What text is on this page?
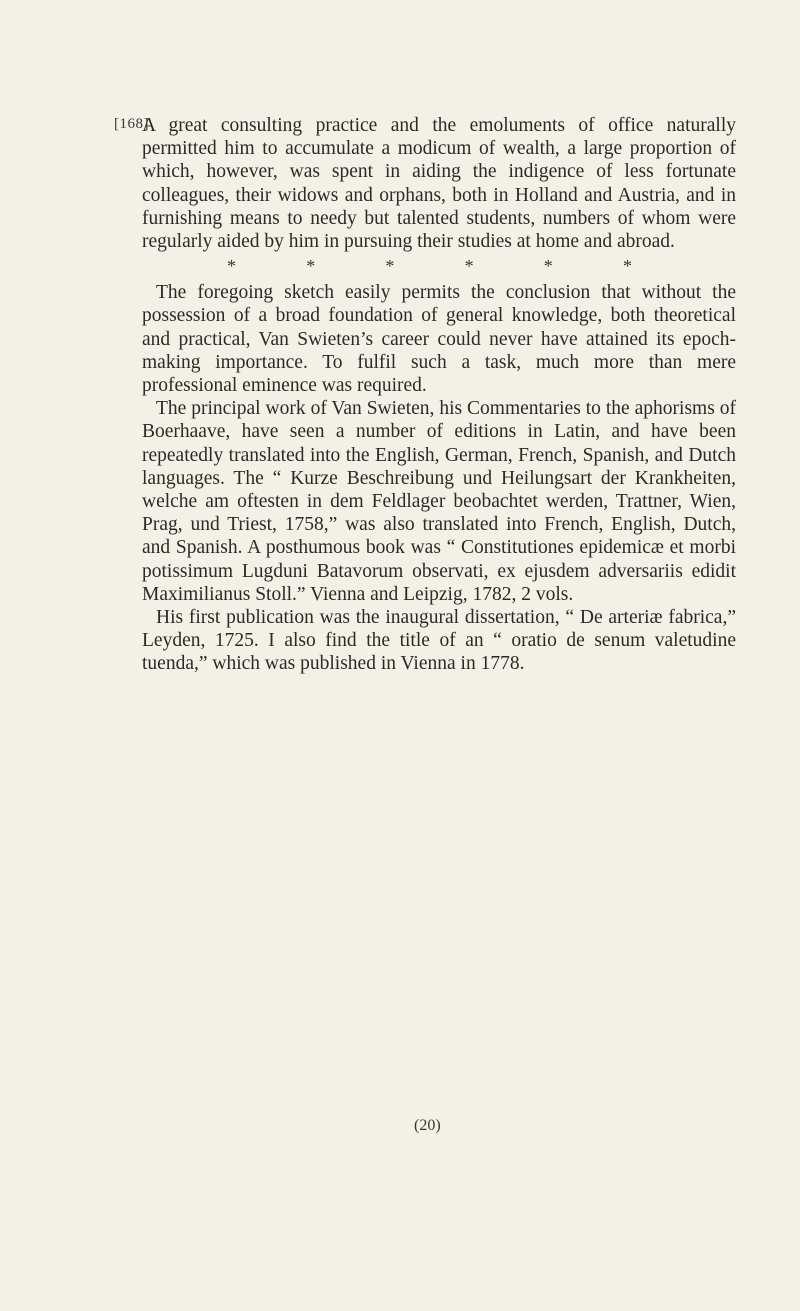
[168]

A great consulting practice and the emoluments of office naturally permitted him to accumulate a modicum of wealth, a large proportion of which, however, was spent in aiding the indigence of less fortunate colleagues, their widows and orphans, both in Holland and Austria, and in furnishing means to needy but talented students, numbers of whom were regularly aided by him in pursuing their studies at home and abroad.

*	*	*	*	*	*

The foregoing sketch easily permits the conclusion that without the possession of a broad foundation of general knowledge, both theoretical and practical, Van Swieten’s career could never have attained its epoch-making importance. To fulfil such a task, much more than mere professional eminence was required.

The principal work of Van Swieten, his Commentaries to the aphorisms of Boerhaave, have seen a number of editions in Latin, and have been repeatedly translated into the English, German, French, Spanish, and Dutch languages. The “ Kurze Beschreibung und Heilungsart der Krankheiten, welche am oftesten in dem Feldlager beobachtet werden, Trattner, Wien, Prag, und Triest, 1758,” was also translated into French, English, Dutch, and Spanish. A posthumous book was “ Constitutiones epidemicæ et morbi potissimum Lugduni Batavorum observati, ex ejusdem adversariis edidit Maximilianus Stoll.” Vienna and Leipzig, 1782, 2 vols.

His first publication was the inaugural dissertation, “ De arteriæ fabrica,” Leyden, 1725. I also find the title of an “ oratio de senum valetudine tuenda,” which was published in Vienna in 1778.

(20)
